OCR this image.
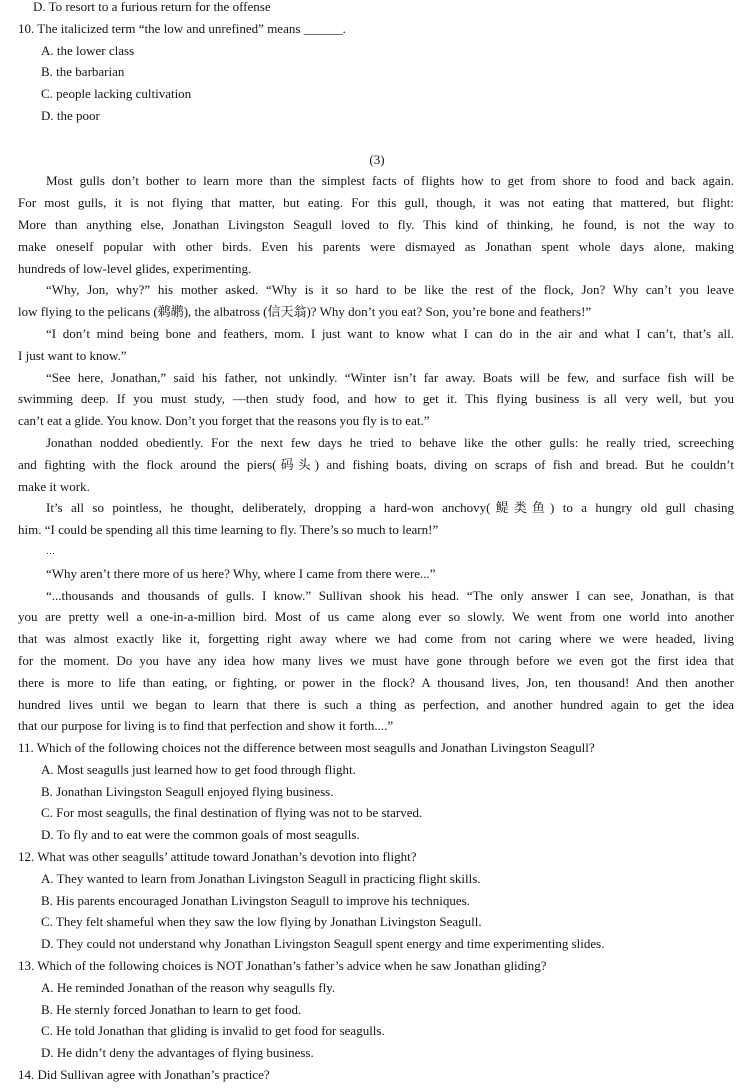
D. To resort to a furious return for the offense
10. The italicized term “the low and unrefined” means ______.
A. the lower class
B. the barbarian
C. people lacking cultivation
D. the poor
(3)
Most gulls don’t bother to learn more than the simplest facts of flights how to get from shore to food and back again.
For most gulls, it is not flying that matter, but eating. For this gull, though, it was not eating that mattered, but flight:
More than anything else, Jonathan Livingston Seagull loved to fly. This kind of thinking, he found, is not the way to
make oneself popular with other birds. Even his parents were dismayed as Jonathan spent whole days alone, making
hundreds of low-level glides, experimenting.
“Why, Jon, why?” his mother asked. “Why is it so hard to be like the rest of the flock, Jon? Why can’t you leave
low flying to the pelicans (鹈鹕), the albatross (信天翁)? Why don’t you eat? Son, you’re bone and feathers!”
“I don’t mind being bone and feathers, mom. I just want to know what I can do in the air and what I can’t, that’s all.
I just want to know.”
“See here, Jonathan,” said his father, not unkindly. “Winter isn’t far away. Boats will be few, and surface fish will be
swimming deep. If you must study, —then study food, and how to get it. This flying business is all very well, but you
can’t eat a glide. You know. Don’t you forget that the reasons you fly is to eat.”
Jonathan nodded obediently. For the next few days he tried to behave like the other gulls: he really tried, screeching
and fighting with the flock around the piers(码头) and fishing boats, diving on scraps of fish and bread. But he couldn’t
make it work.
It’s all so pointless, he thought, deliberately, dropping a hard-won anchovy(鳀类鱼) to a hungry old gull chasing
him. “I could be spending all this time learning to fly. There’s so much to learn!”
…
“Why aren’t there more of us here? Why, where I came from there were...”
“...thousands and thousands of gulls. I know.” Sullivan shook his head. “The only answer I can see, Jonathan, is that
you are pretty well a one-in-a-million bird. Most of us came along ever so slowly. We went from one world into another
that was almost exactly like it, forgetting right away where we had come from not caring where we were headed, living
for the moment. Do you have any idea how many lives we must have gone through before we even got the first idea that
there is more to life than eating, or fighting, or power in the flock? A thousand lives, Jon, ten thousand! And then another
hundred lives until we began to learn that there is such a thing as perfection, and another hundred again to get the idea
that our purpose for living is to find that perfection and show it forth....”
11. Which of the following choices not the difference between most seagulls and Jonathan Livingston Seagull?
A. Most seagulls just learned how to get food through flight.
B. Jonathan Livingston Seagull enjoyed flying business.
C. For most seagulls, the final destination of flying was not to be starved.
D. To fly and to eat were the common goals of most seagulls.
12. What was other seagulls’ attitude toward Jonathan’s devotion into flight?
A. They wanted to learn from Jonathan Livingston Seagull in practicing flight skills.
B. His parents encouraged Jonathan Livingston Seagull to improve his techniques.
C. They felt shameful when they saw the low flying by Jonathan Livingston Seagull.
D. They could not understand why Jonathan Livingston Seagull spent energy and time experimenting slides.
13. Which of the following choices is NOT Jonathan’s father’s advice when he saw Jonathan gliding?
A. He reminded Jonathan of the reason why seagulls fly.
B. He sternly forced Jonathan to learn to get food.
C. He told Jonathan that gliding is invalid to get food for seagulls.
D. He didn’t deny the advantages of flying business.
14. Did Sullivan agree with Jonathan’s practice?
